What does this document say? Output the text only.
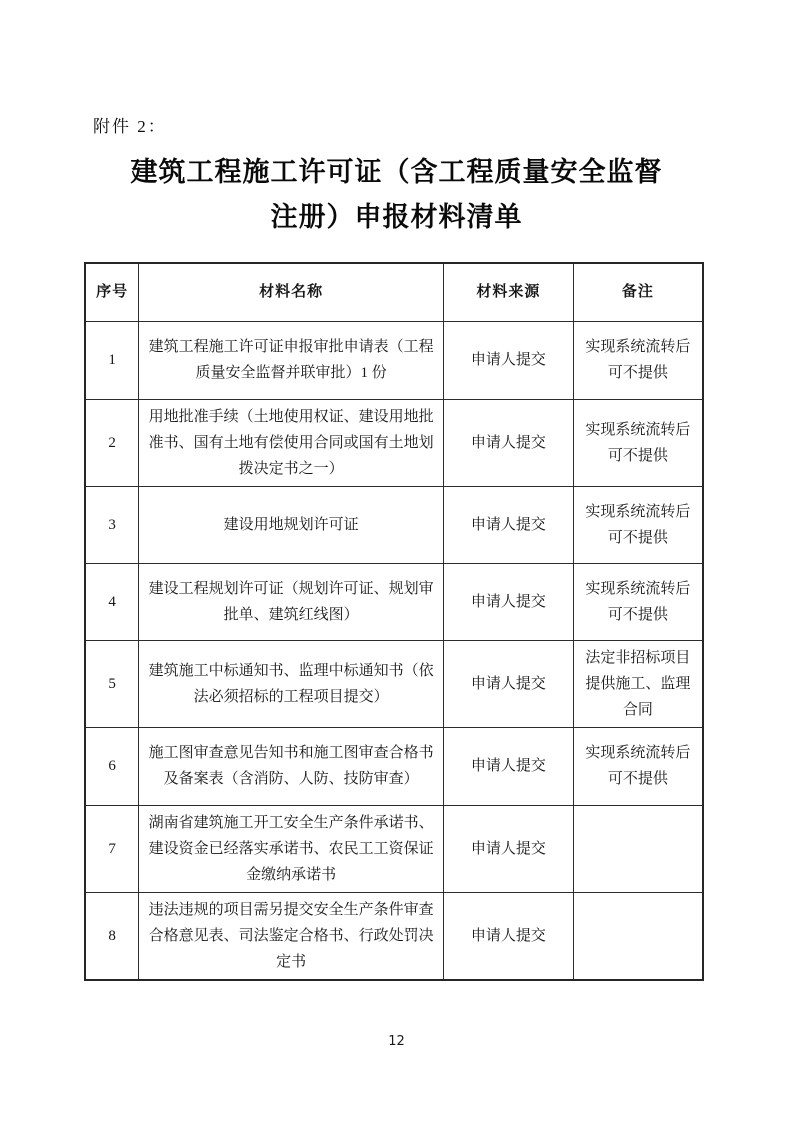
附件 2：
建筑工程施工许可证（含工程质量安全监督
注册）申报材料清单
序号	材料名称	材料来源	备注
1	建筑工程施工许可证申报审批申请表（工程质量安全监督并联审批）1 份	申请人提交	实现系统流转后可不提供
2	用地批准手续（土地使用权证、建设用地批准书、国有土地有偿使用合同或国有土地划拨决定书之一）	申请人提交	实现系统流转后可不提供
3	建设用地规划许可证	申请人提交	实现系统流转后可不提供
4	建设工程规划许可证（规划许可证、规划审批单、建筑红线图）	申请人提交	实现系统流转后可不提供
5	建筑施工中标通知书、监理中标通知书（依法必须招标的工程项目提交）	申请人提交	法定非招标项目提供施工、监理合同
6	施工图审查意见告知书和施工图审查合格书及备案表（含消防、人防、技防审查）	申请人提交	实现系统流转后可不提供
7	湖南省建筑施工开工安全生产条件承诺书、建设资金已经落实承诺书、农民工工资保证金缴纳承诺书	申请人提交	
8	违法违规的项目需另提交安全生产条件审查合格意见表、司法鉴定合格书、行政处罚决定书	申请人提交	
12
